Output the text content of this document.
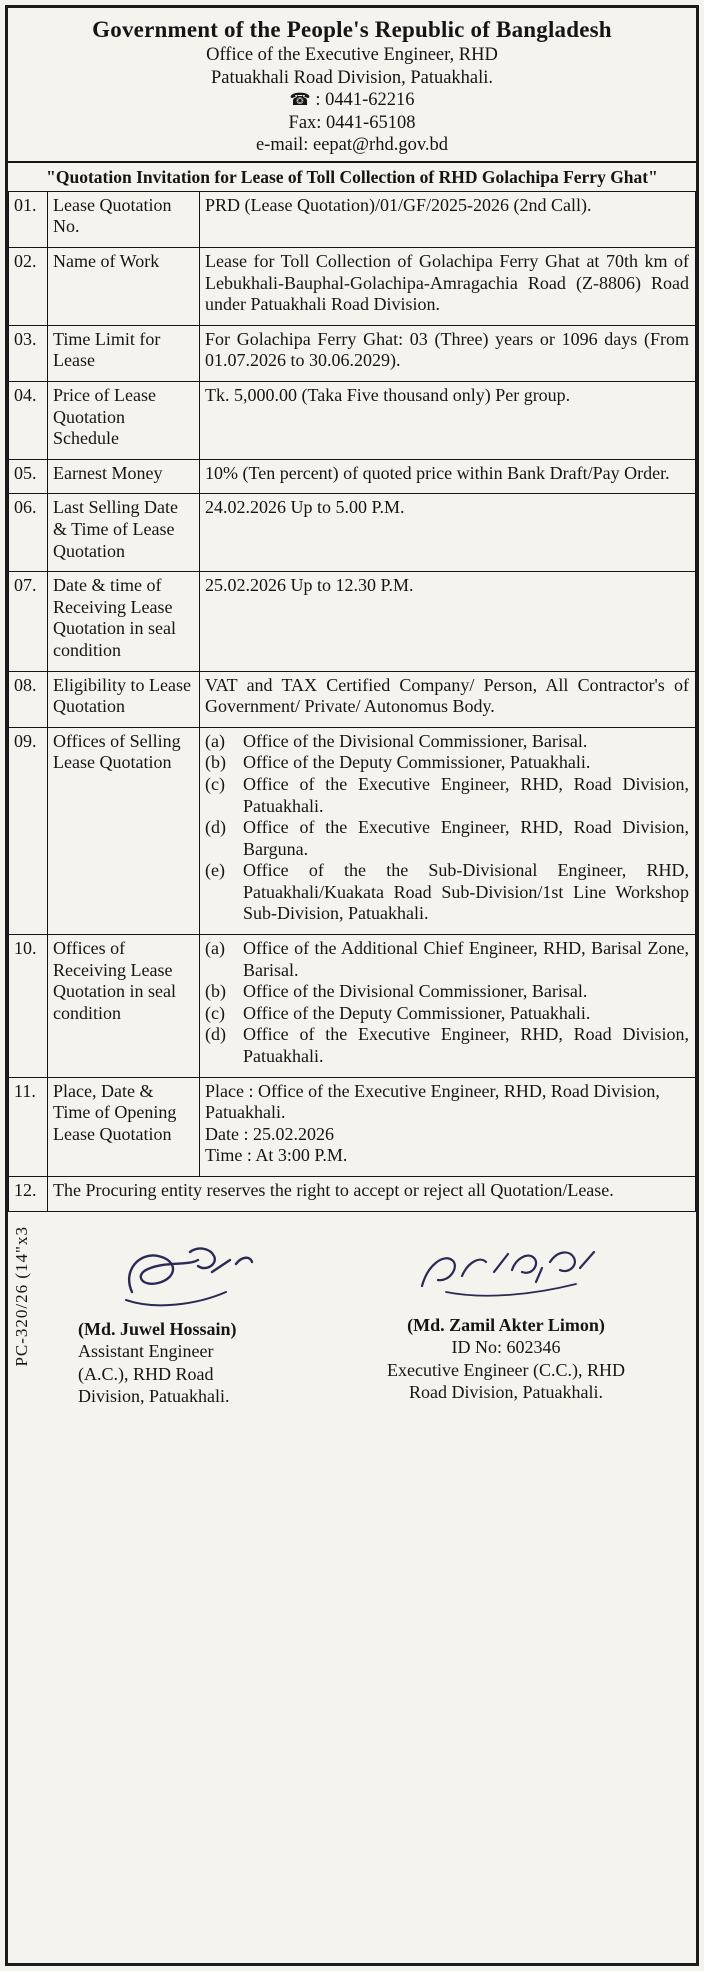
Government of the People's Republic of Bangladesh
Office of the Executive Engineer, RHD
Patuakhali Road Division, Patuakhali.
☎ : 0441-62216
Fax: 0441-65108
e-mail: eepat@rhd.gov.bd
"Quotation Invitation for Lease of Toll Collection of RHD Golachipa Ferry Ghat"
01.	Lease Quotation No.	PRD (Lease Quotation)/01/GF/2025-2026 (2nd Call).
02.	Name of Work	Lease for Toll Collection of Golachipa Ferry Ghat at 70th km of Lebukhali-Bauphal-Golachipa-Amragachia Road (Z-8806) Road under Patuakhali Road Division.
03.	Time Limit for Lease	For Golachipa Ferry Ghat: 03 (Three) years or 1096 days (From 01.07.2026 to 30.06.2029).
04.	Price of Lease Quotation Schedule	Tk. 5,000.00 (Taka Five thousand only) Per group.
05.	Earnest Money	10% (Ten percent) of quoted price within Bank Draft/Pay Order.
06.	Last Selling Date & Time of Lease Quotation	24.02.2026 Up to 5.00 P.M.
07.	Date & time of Receiving Lease Quotation in seal condition	25.02.2026 Up to 12.30 P.M.
08.	Eligibility to Lease Quotation	VAT and TAX Certified Company/ Person, All Contractor's of Government/ Private/ Autonomus Body.
09.	Offices of Selling Lease Quotation	
(a)	Office of the Divisional Commissioner, Barisal.
(b) Office of the Deputy Commissioner, Patuakhali.
(c)	Office of the Executive Engineer, RHD, Road Division, Patuakhali.
(d) Office of the Executive Engineer, RHD, Road Division, Barguna.
(e)	Office of the the Sub-Divisional Engineer, RHD, Patuakhali/Kuakata Road Sub-Division/1st Line Workshop Sub-Division, Patuakhali.

10.	Offices of Receiving Lease Quotation in seal condition	
(a)	Office of the Additional Chief Engineer, RHD, Barisal Zone, Barisal.
(b) Office of the Divisional Commissioner, Barisal.
(c)	Office of the Deputy Commissioner, Patuakhali.
(d) Office of the Executive Engineer, RHD, Road Division, Patuakhali.

11.	Place, Date & Time of Opening Lease Quotation	Place : Office of the Executive Engineer, RHD, Road Division, Patuakhali.
Date : 25.02.2026
Time : At 3:00 P.M.

12.	The Procuring entity reserves the right to accept or reject all Quotation/Lease.	
PC-320/26 (14"x3	(Md. Juwel Hossain)
Assistant Engineer
(A.C.), RHD Road
Division, Patuakhali.
(Md. Zamil Akter Limon)
ID No: 602346
Executive Engineer (C.C.), RHD
Road Division, Patuakhali.
